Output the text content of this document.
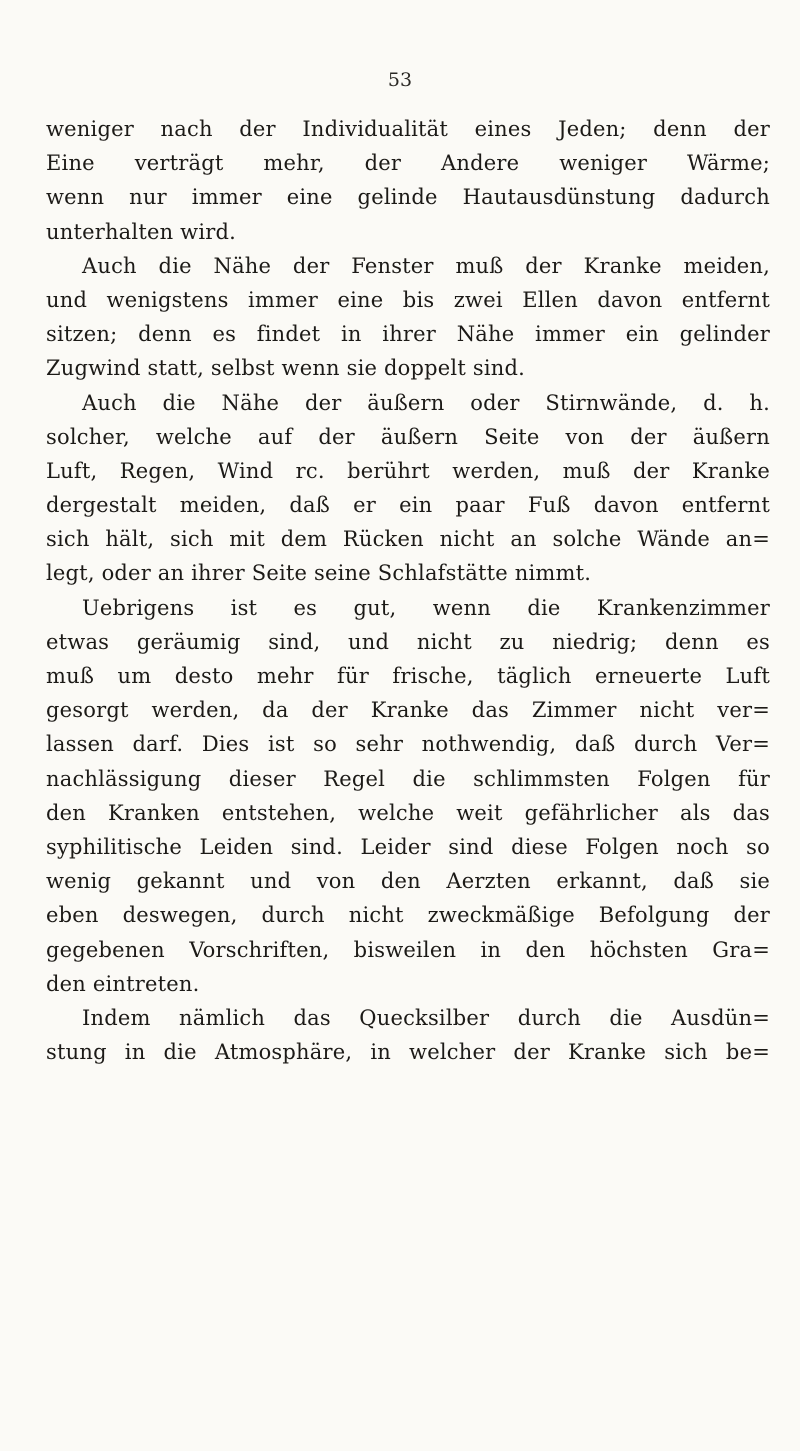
53
weniger nach der Individualität eines Jeden; denn der
Eine verträgt mehr, der Andere weniger Wärme;
wenn nur immer eine gelinde Hautausdünstung dadurch
unterhalten wird.
Auch die Nähe der Fenster muß der Kranke meiden,
und wenigstens immer eine bis zwei Ellen davon entfernt
sitzen; denn es findet in ihrer Nähe immer ein gelinder
Zugwind statt, selbst wenn sie doppelt sind.
Auch die Nähe der äußern oder Stirnwände, d. h.
solcher, welche auf der äußern Seite von der äußern
Luft, Regen, Wind rc. berührt werden, muß der Kranke
dergestalt meiden, daß er ein paar Fuß davon entfernt
sich hält, sich mit dem Rücken nicht an solche Wände an=
legt, oder an ihrer Seite seine Schlafstätte nimmt.
Uebrigens ist es gut, wenn die Krankenzimmer
etwas geräumig sind, und nicht zu niedrig; denn es
muß um desto mehr für frische, täglich erneuerte Luft
gesorgt werden, da der Kranke das Zimmer nicht ver=
lassen darf. Dies ist so sehr nothwendig, daß durch Ver=
nachlässigung dieser Regel die schlimmsten Folgen für
den Kranken entstehen, welche weit gefährlicher als das
syphilitische Leiden sind. Leider sind diese Folgen noch so
wenig gekannt und von den Aerzten erkannt, daß sie
eben deswegen, durch nicht zweckmäßige Befolgung der
gegebenen Vorschriften, bisweilen in den höchsten Gra=
den eintreten.
Indem nämlich das Quecksilber durch die Ausdün=
stung in die Atmosphäre, in welcher der Kranke sich be=
